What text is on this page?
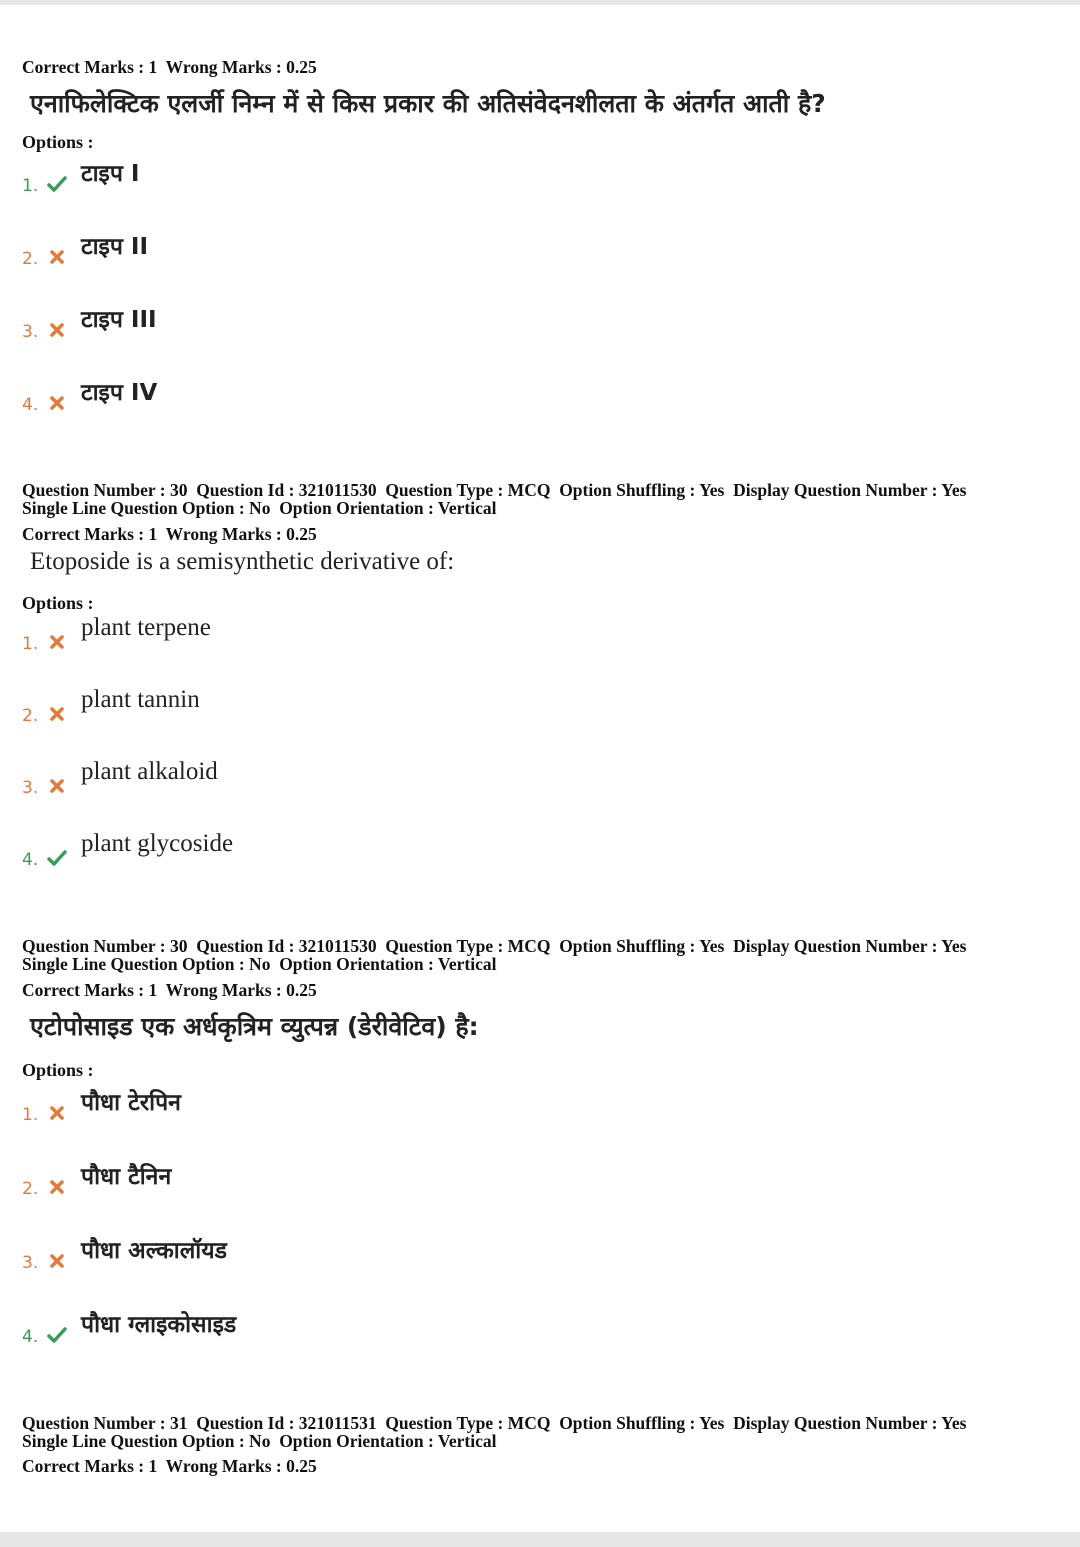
Correct Marks : 1  Wrong Marks : 0.25

एनाफिलेक्टिक एलर्जी निम्न में से किस प्रकार की अतिसंवेदनशीलता के अंतर्गत आती है?

Options :

1. टाइप I
2. टाइप II
3. टाइप III
4. टाइप IV

Question Number : 30  Question Id : 321011530  Question Type : MCQ  Option Shuffling : Yes  Display Question Number : Yes

Single Line Question Option : No  Option Orientation : Vertical

Correct Marks : 1  Wrong Marks : 0.25

Etoposide is a semisynthetic derivative of:

Options :

1.
plant terpene
2.
plant tannin
3.
plant alkaloid
4.
plant glycoside

Question Number : 30  Question Id : 321011530  Question Type : MCQ  Option Shuffling : Yes  Display Question Number : Yes

Single Line Question Option : No  Option Orientation : Vertical

Correct Marks : 1  Wrong Marks : 0.25

एटोपोसाइड एक अर्धकृत्रिम व्युत्पन्न (डेरीवेटिव) है:

Options :

1. पौधा टेरपिन
2. पौधा टैनिन
3. पौधा अल्कालॉयड
4. पौधा ग्लाइकोसाइड

Question Number : 31  Question Id : 321011531  Question Type : MCQ  Option Shuffling : Yes  Display Question Number : Yes

Single Line Question Option : No  Option Orientation : Vertical

Correct Marks : 1  Wrong Marks : 0.25
